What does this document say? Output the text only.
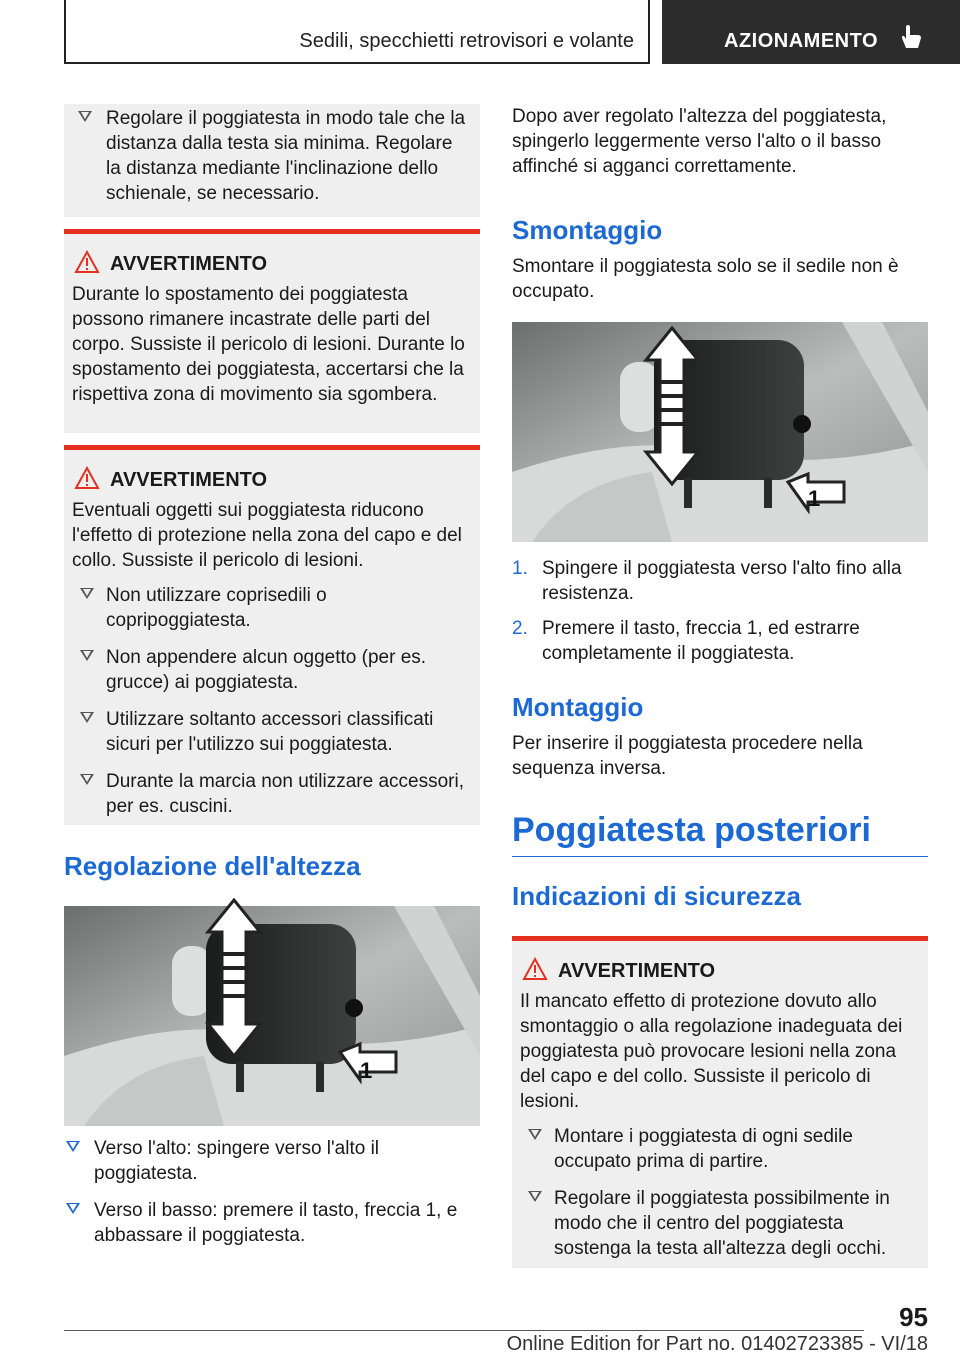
Sedili, specchietti retrovisori e volante	AZIONAMENTO
Regolare il poggiatesta in modo tale che la distanza dalla testa sia minima. Regolare la distanza mediante l'inclinazione dello schienale, se necessario.
AVVERTIMENTO

Durante lo spostamento dei poggiatesta possono rimanere incastrate delle parti del corpo. Sussiste il pericolo di lesioni. Durante lo spostamento dei poggiatesta, accertarsi che la rispettiva zona di movimento sia sgombera.

AVVERTIMENTO

Eventuali oggetti sui poggiatesta riducono l'effetto di protezione nella zona del capo e del collo. Sussiste il pericolo di lesioni.

Non utilizzare coprisedili o copripoggiatesta.
Non appendere alcun oggetto (per es. grucce) ai poggiatesta.
Utilizzare soltanto accessori classificati sicuri per l'utilizzo sui poggiatesta.
Durante la marcia non utilizzare accessori, per es. cuscini.
Regolazione dell'altezza
Verso l'alto: spingere verso l'alto il poggiatesta.
Verso il basso: premere il tasto, freccia 1, e abbassare il poggiatesta.
1

Dopo aver regolato l'altezza del poggiatesta, spingerlo leggermente verso l'alto o il basso affinché si agganci correttamente.

Smontaggio

Smontare il poggiatesta solo se il sedile non è occupato.

1. Spingere il poggiatesta verso l'alto fino alla resistenza.
2. Premere il tasto, freccia 1, ed estrarre completamente il poggiatesta.
Montaggio

Per inserire il poggiatesta procedere nella sequenza inversa.

Poggiatesta posteriori
Indicazioni di sicurezza
AVVERTIMENTO

Il mancato effetto di protezione dovuto allo smontaggio o alla regolazione inadeguata dei poggiatesta può provocare lesioni nella zona del capo e del collo. Sussiste il pericolo di lesioni.

Montare i poggiatesta di ogni sedile occupato prima di partire.
Regolare il poggiatesta possibilmente in modo che il centro del poggiatesta sostenga la testa all'altezza degli occhi.
1
95
Online Edition for Part no. 01402723385 - VI/18
